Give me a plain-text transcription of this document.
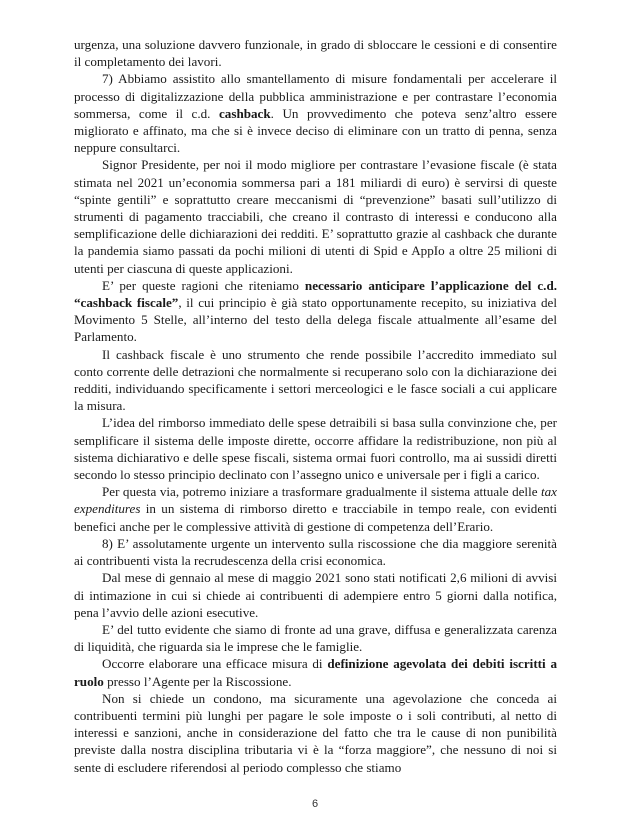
urgenza, una soluzione davvero funzionale, in grado di sbloccare le cessioni e di consentire il completamento dei lavori.

7) Abbiamo assistito allo smantellamento di misure fondamentali per accelerare il processo di digitalizzazione della pubblica amministrazione e per contrastare l’economia sommersa, come il c.d. cashback. Un provvedimento che poteva senz’altro essere migliorato e affinato, ma che si è invece deciso di eliminare con un tratto di penna, senza neppure consultarci.

Signor Presidente, per noi il modo migliore per contrastare l’evasione fiscale (è stata stimata nel 2021 un’economia sommersa pari a 181 miliardi di euro) è servirsi di queste “spinte gentili” e soprattutto creare meccanismi di “prevenzione” basati sull’utilizzo di strumenti di pagamento tracciabili, che creano il contrasto di interessi e conducono alla semplificazione delle dichiarazioni dei redditi. E’ soprattutto grazie al cashback che durante la pandemia siamo passati da pochi milioni di utenti di Spid e AppIo a oltre 25 milioni di utenti per ciascuna di queste applicazioni.

E’ per queste ragioni che riteniamo necessario anticipare l’applicazione del c.d. “cashback fiscale”, il cui principio è già stato opportunamente recepito, su iniziativa del Movimento 5 Stelle, all’interno del testo della delega fiscale attualmente all’esame del Parlamento.

Il cashback fiscale è uno strumento che rende possibile l’accredito immediato sul conto corrente delle detrazioni che normalmente si recuperano solo con la dichiarazione dei redditi, individuando specificamente i settori merceologici e le fasce sociali a cui applicare la misura.

L’idea del rimborso immediato delle spese detraibili si basa sulla convinzione che, per semplificare il sistema delle imposte dirette, occorre affidare la redistribuzione, non più al sistema dichiarativo e delle spese fiscali, sistema ormai fuori controllo, ma ai sussidi diretti secondo lo stesso principio declinato con l’assegno unico e universale per i figli a carico.

Per questa via, potremo iniziare a trasformare gradualmente il sistema attuale delle tax expenditures in un sistema di rimborso diretto e tracciabile in tempo reale, con evidenti benefici anche per le complessive attività di gestione di competenza dell’Erario.

8) E’ assolutamente urgente un intervento sulla riscossione che dia maggiore serenità ai contribuenti vista la recrudescenza della crisi economica.

Dal mese di gennaio al mese di maggio 2021 sono stati notificati 2,6 milioni di avvisi di intimazione in cui si chiede ai contribuenti di adempiere entro 5 giorni dalla notifica, pena l’avvio delle azioni esecutive.

E’ del tutto evidente che siamo di fronte ad una grave, diffusa e generalizzata carenza di liquidità, che riguarda sia le imprese che le famiglie.

Occorre elaborare una efficace misura di definizione agevolata dei debiti iscritti a ruolo presso l’Agente per la Riscossione.

Non si chiede un condono, ma sicuramente una agevolazione che conceda ai contribuenti termini più lunghi per pagare le sole imposte o i soli contributi, al netto di interessi e sanzioni, anche in considerazione del fatto che tra le cause di non punibilità previste dalla nostra disciplina tributaria vi è la “forza maggiore”, che nessuno di noi si sente di escludere riferendosi al periodo complesso che stiamo

6
